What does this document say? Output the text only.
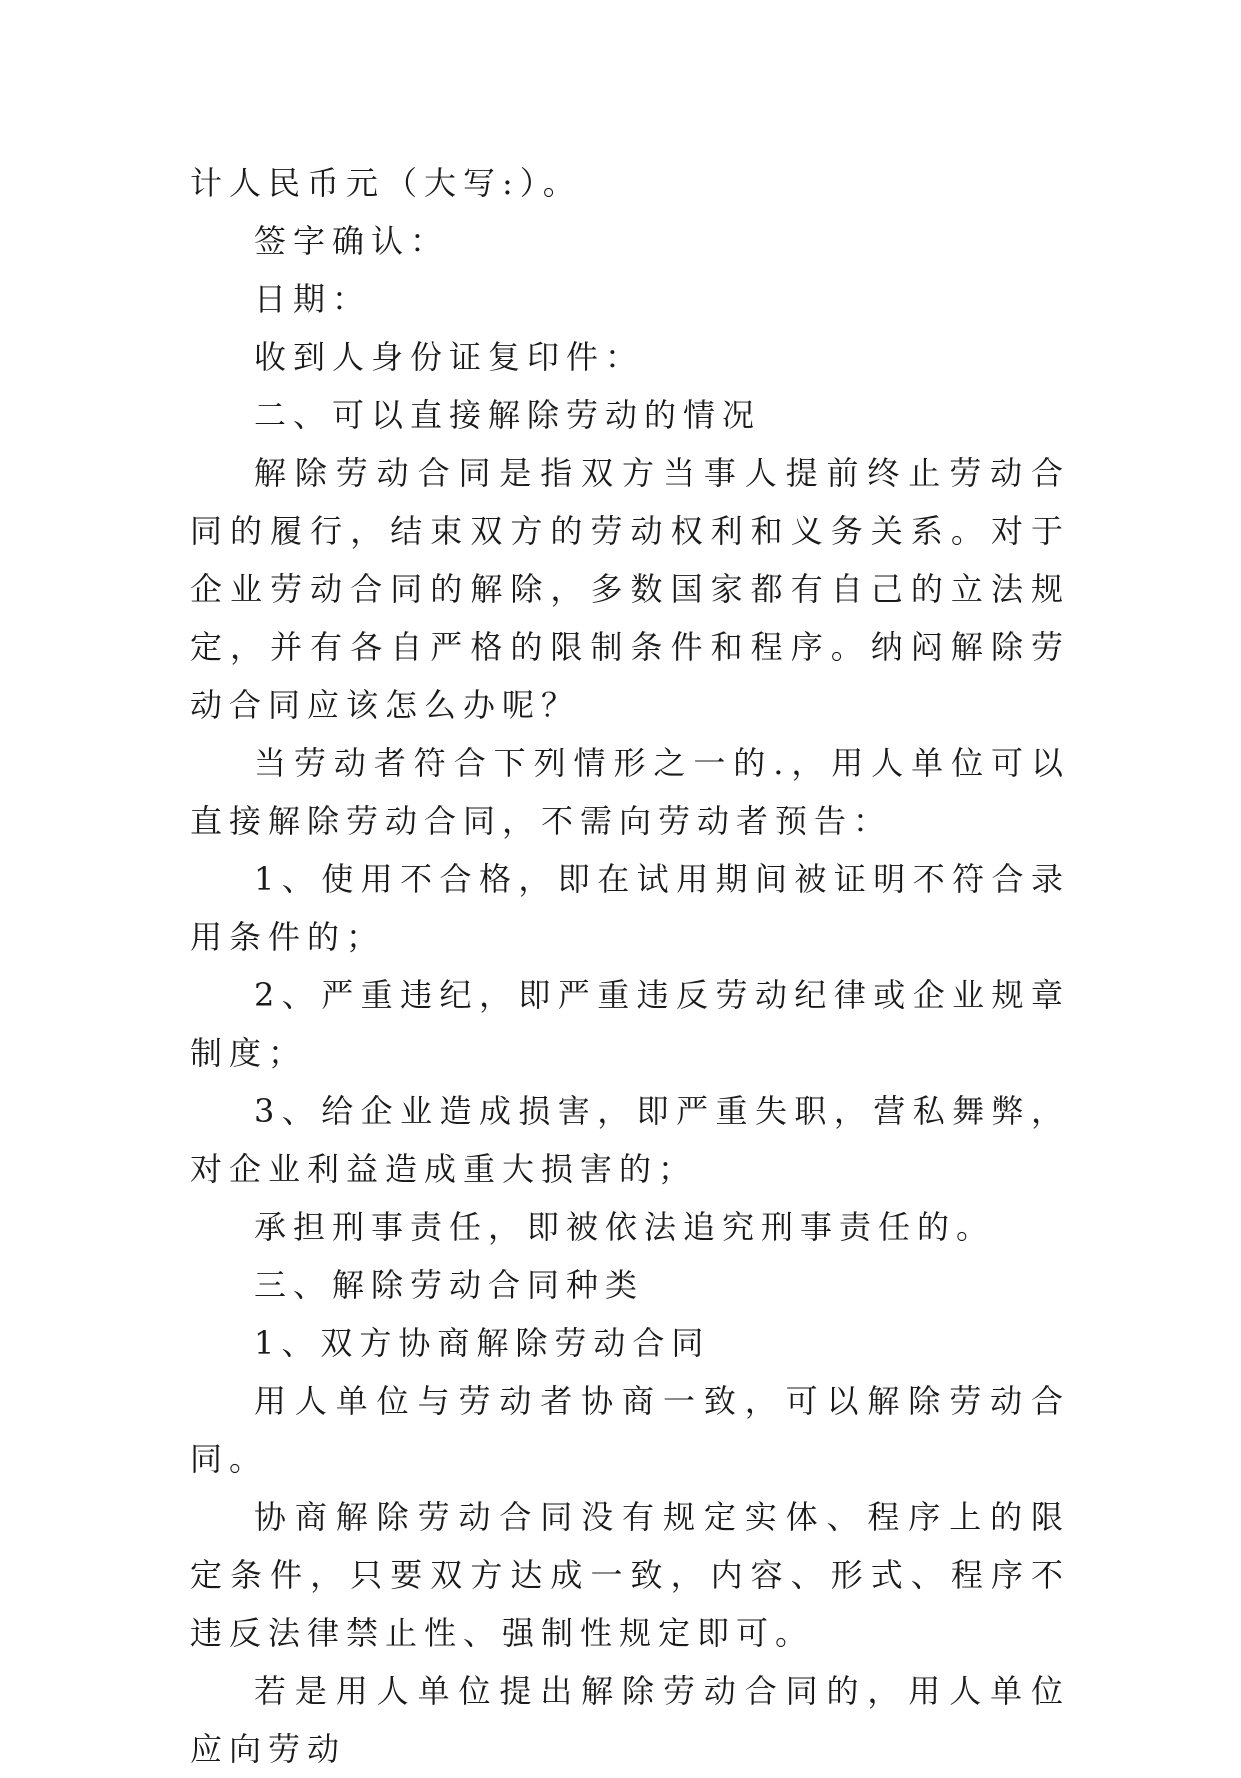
计人民币元（大写:）。

签字确认：

日期：

收到人身份证复印件：

二、可以直接解除劳动的情况

解除劳动合同是指双方当事人提前终止劳动合同的履行，结束双方的劳动权利和义务关系。对于企业劳动合同的解除，多数国家都有自己的立法规定，并有各自严格的限制条件和程序。纳闷解除劳动合同应该怎么办呢？

当劳动者符合下列情形之一的.，用人单位可以直接解除劳动合同，不需向劳动者预告：

1、使用不合格，即在试用期间被证明不符合录用条件的；

2、严重违纪，即严重违反劳动纪律或企业规章制度；

3、给企业造成损害，即严重失职，营私舞弊，对企业利益造成重大损害的；

承担刑事责任，即被依法追究刑事责任的。

三、解除劳动合同种类

1、双方协商解除劳动合同

用人单位与劳动者协商一致，可以解除劳动合同。

协商解除劳动合同没有规定实体、程序上的限定条件，只要双方达成一致，内容、形式、程序不违反法律禁止性、强制性规定即可。

若是用人单位提出解除劳动合同的，用人单位应向劳动
